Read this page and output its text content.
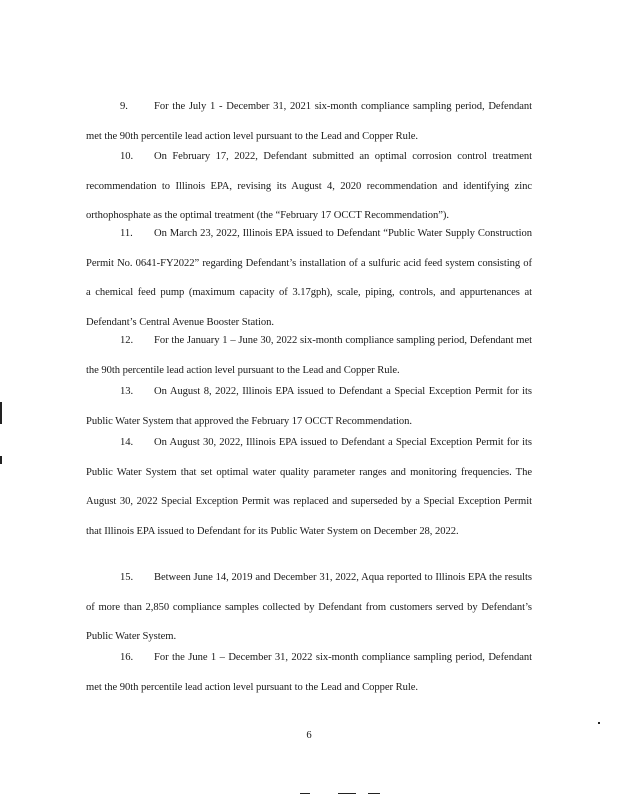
9. For the July 1 - December 31, 2021 six-month compliance sampling period, Defendant met the 90th percentile lead action level pursuant to the Lead and Copper Rule.

10. On February 17, 2022, Defendant submitted an optimal corrosion control treatment recommendation to Illinois EPA, revising its August 4, 2020 recommendation and identifying zinc orthophosphate as the optimal treatment (the “February 17 OCCT Recommendation”).

11. On March 23, 2022, Illinois EPA issued to Defendant “Public Water Supply Construction Permit No. 0641-FY2022” regarding Defendant’s installation of a sulfuric acid feed system consisting of a chemical feed pump (maximum capacity of 3.17gph), scale, piping, controls, and appurtenances at Defendant’s Central Avenue Booster Station.

12. For the January 1 – June 30, 2022 six-month compliance sampling period, Defendant met the 90th percentile lead action level pursuant to the Lead and Copper Rule.

13. On August 8, 2022, Illinois EPA issued to Defendant a Special Exception Permit for its Public Water System that approved the February 17 OCCT Recommendation.

14. On August 30, 2022, Illinois EPA issued to Defendant a Special Exception Permit for its Public Water System that set optimal water quality parameter ranges and monitoring frequencies. The August 30, 2022 Special Exception Permit was replaced and superseded by a Special Exception Permit that Illinois EPA issued to Defendant for its Public Water System on December 28, 2022.

15. Between June 14, 2019 and December 31, 2022, Aqua reported to Illinois EPA the results of more than 2,850 compliance samples collected by Defendant from customers served by Defendant’s Public Water System.

16. For the June 1 – December 31, 2022 six-month compliance sampling period, Defendant met the 90th percentile lead action level pursuant to the Lead and Copper Rule.

6
